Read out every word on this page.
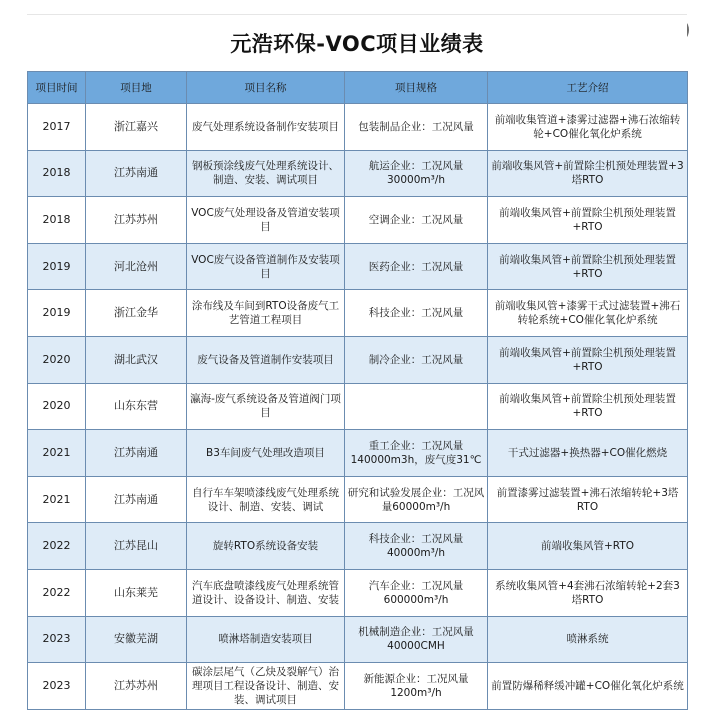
元浩环保-VOC项目业绩表
项目时间	项目地	项目名称	项目规格	工艺介绍
2017	浙江嘉兴	废气处理系统设备制作安装项目	包装制品企业：工况风量	前端收集管道+漆雾过滤器+沸石浓缩转轮+CO催化氧化炉系统
2018	江苏南通	钢板预涂线废气处理系统设计、制造、安装、调试项目	航运企业：工况风量30000m³/h	前端收集风管+前置除尘机预处理装置+3塔RTO
2018	江苏苏州	VOC废气处理设备及管道安装项目	空调企业：工况风量	前端收集风管+前置除尘机预处理装置+RTO
2019	河北沧州	VOC废气设备管道制作及安装项目	医药企业：工况风量	前端收集风管+前置除尘机预处理装置+RTO
2019	浙江金华	涂布线及车间到RTO设备废气工艺管道工程项目	科技企业：工况风量	前端收集风管+漆雾干式过滤装置+沸石转轮系统+CO催化氧化炉系统
2020	湖北武汉	废气设备及管道制作安装项目	制冷企业：工况风量	前端收集风管+前置除尘机预处理装置+RTO
2020	山东东营	瀛海-废气系统设备及管道阀门项目		前端收集风管+前置除尘机预处理装置+RTO
2021	江苏南通	B3车间废气处理改造项目	重工企业：工况风量140000m3h，废气度31℃	干式过滤器+换热器+CO催化燃烧
2021	江苏南通	自行车车架喷漆线废气处理系统设计、制造、安装、调试	研究和试验发展企业：工况风量60000m³/h	前置漆雾过滤装置+沸石浓缩转轮+3塔RTO
2022	江苏昆山	旋转RTO系统设备安装	科技企业：工况风量40000m³/h	前端收集风管+RTO
2022	山东莱芜	汽车底盘喷漆线废气处理系统管道设计、设备设计、制造、安装	汽车企业：工况风量600000m³/h	系统收集风管+4套沸石浓缩转轮+2套3塔RTO
2023	安徽芜湖	喷淋塔制造安装项目	机械制造企业：工况风量40000CMH	喷淋系统
2023	江苏苏州	碳涂层尾气（乙炔及裂解气）治理项目工程设备设计、制造、安装、调试项目	新能源企业：工况风量1200m³/h	前置防爆稀释缓冲罐+CO催化氧化炉系统
